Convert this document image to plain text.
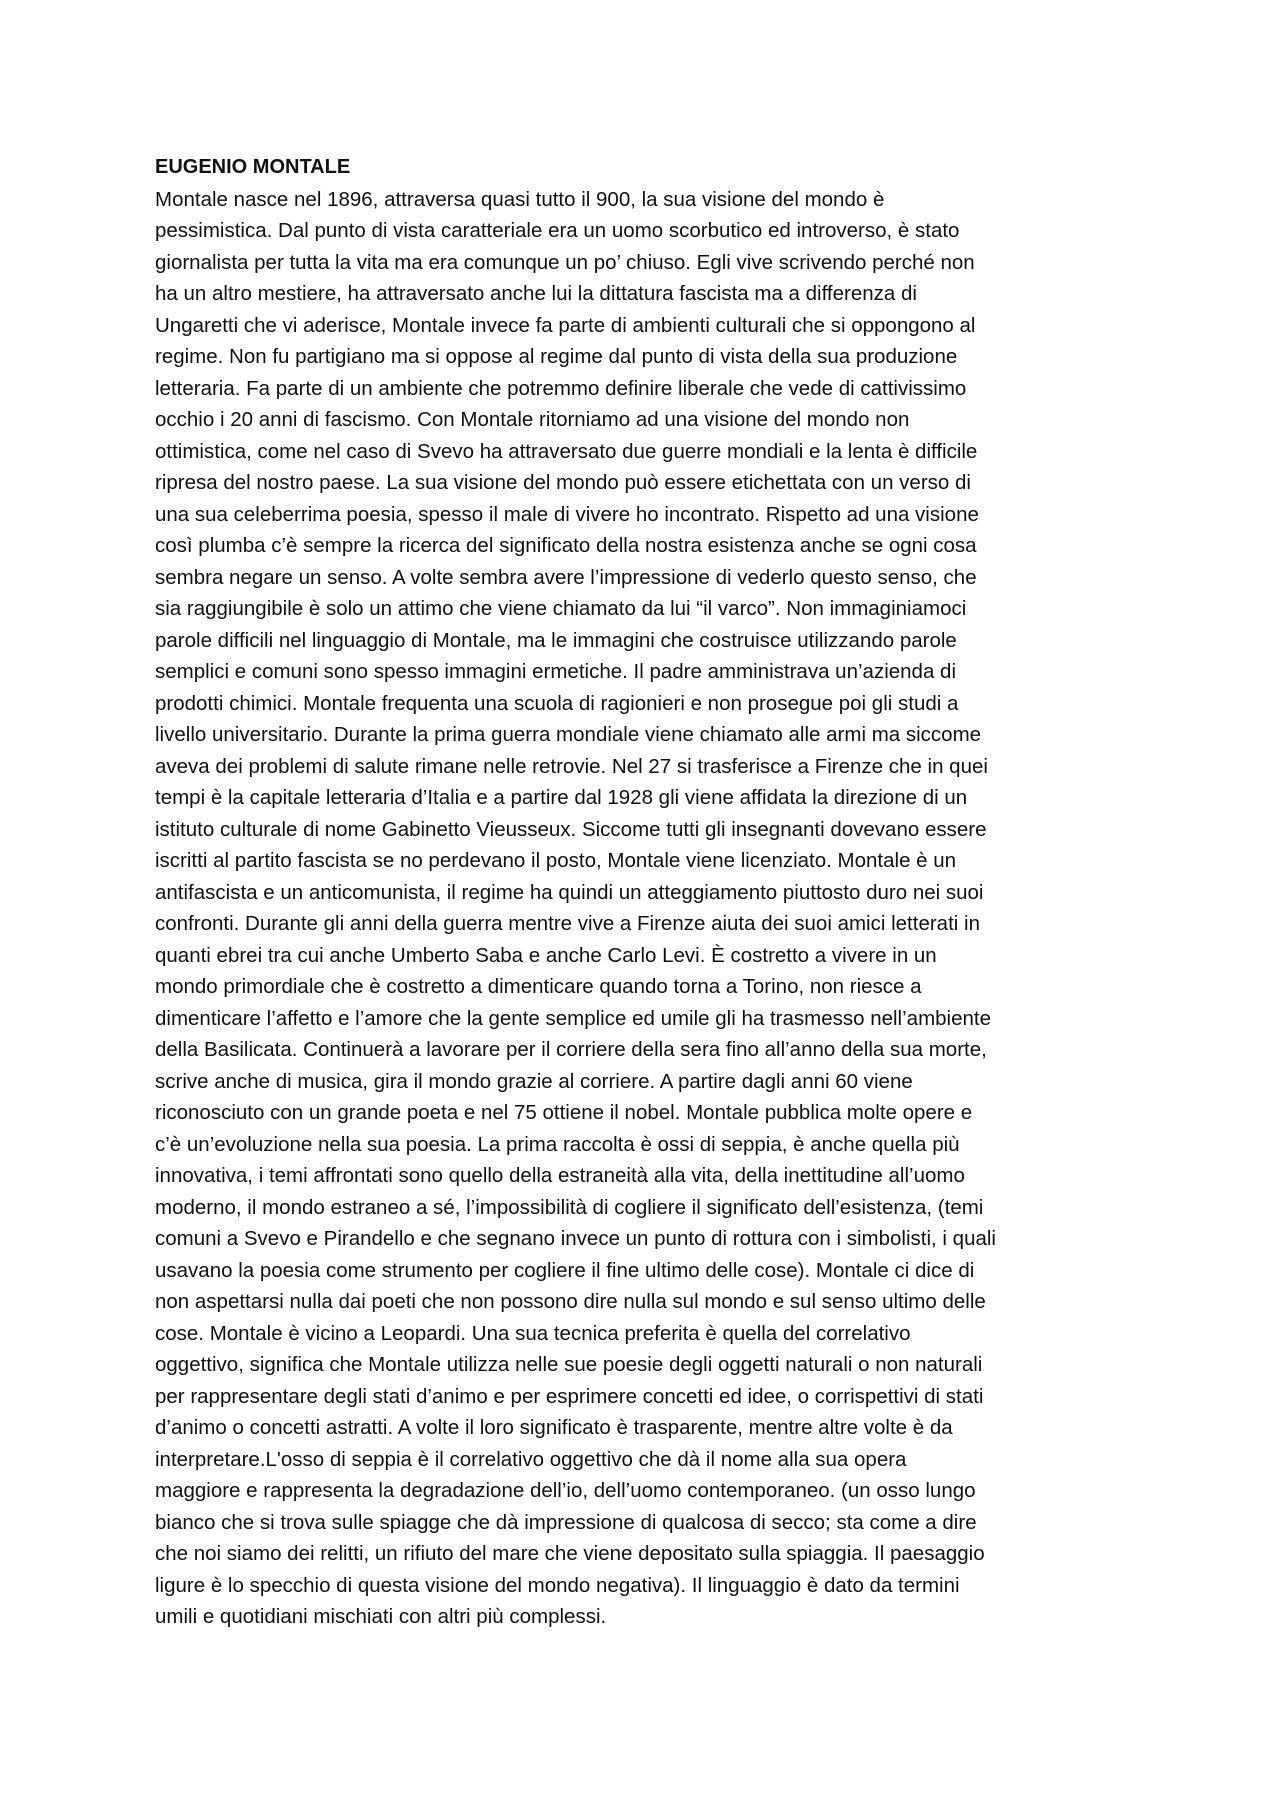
EUGENIO MONTALE

Montale nasce nel 1896, attraversa quasi tutto il 900, la sua visione del mondo è

pessimistica. Dal punto di vista caratteriale era un uomo scorbutico ed introverso, è stato

giornalista per tutta la vita ma era comunque un po’ chiuso. Egli vive scrivendo perché non

ha un altro mestiere, ha attraversato anche lui la dittatura fascista ma a differenza di

Ungaretti che vi aderisce, Montale invece fa parte di ambienti culturali che si oppongono al

regime. Non fu partigiano ma si oppose al regime dal punto di vista della sua produzione

letteraria. Fa parte di un ambiente che potremmo definire liberale che vede di cattivissimo

occhio i 20 anni di fascismo. Con Montale ritorniamo ad una visione del mondo non

ottimistica, come nel caso di Svevo ha attraversato due guerre mondiali e la lenta è difficile

ripresa del nostro paese. La sua visione del mondo può essere etichettata con un verso di

una sua celeberrima poesia, spesso il male di vivere ho incontrato. Rispetto ad una visione

così plumba c’è sempre la ricerca del significato della nostra esistenza anche se ogni cosa

sembra negare un senso. A volte sembra avere l’impressione di vederlo questo senso, che

sia raggiungibile è solo un attimo che viene chiamato da lui “il varco”. Non immaginiamoci

parole difficili nel linguaggio di Montale, ma le immagini che costruisce utilizzando parole

semplici e comuni sono spesso immagini ermetiche. Il padre amministrava un’azienda di

prodotti chimici. Montale frequenta una scuola di ragionieri e non prosegue poi gli studi a

livello universitario. Durante la prima guerra mondiale viene chiamato alle armi ma siccome

aveva dei problemi di salute rimane nelle retrovie. Nel 27 si trasferisce a Firenze che in quei

tempi è la capitale letteraria d’Italia e a partire dal 1928 gli viene affidata la direzione di un

istituto culturale di nome Gabinetto Vieusseux. Siccome tutti gli insegnanti dovevano essere

iscritti al partito fascista se no perdevano il posto, Montale viene licenziato. Montale è un

antifascista e un anticomunista, il regime ha quindi un atteggiamento piuttosto duro nei suoi

confronti. Durante gli anni della guerra mentre vive a Firenze aiuta dei suoi amici letterati in

quanti ebrei tra cui anche Umberto Saba e anche Carlo Levi. È costretto a vivere in un

mondo primordiale che è costretto a dimenticare quando torna a Torino, non riesce a

dimenticare l’affetto e l’amore che la gente semplice ed umile gli ha trasmesso nell’ambiente

della Basilicata. Continuerà a lavorare per il corriere della sera fino all’anno della sua morte,

scrive anche di musica, gira il mondo grazie al corriere. A partire dagli anni 60 viene

riconosciuto con un grande poeta e nel 75 ottiene il nobel. Montale pubblica molte opere e

c’è un’evoluzione nella sua poesia. La prima raccolta è ossi di seppia, è anche quella più

innovativa, i temi affrontati sono quello della estraneità alla vita, della inettitudine all’uomo

moderno, il mondo estraneo a sé, l’impossibilità di cogliere il significato dell’esistenza, (temi

comuni a Svevo e Pirandello e che segnano invece un punto di rottura con i simbolisti, i quali

usavano la poesia come strumento per cogliere il fine ultimo delle cose). Montale ci dice di

non aspettarsi nulla dai poeti che non possono dire nulla sul mondo e sul senso ultimo delle

cose. Montale è vicino a Leopardi. Una sua tecnica preferita è quella del correlativo

oggettivo, significa che Montale utilizza nelle sue poesie degli oggetti naturali o non naturali

per rappresentare degli stati d’animo e per esprimere concetti ed idee, o corrispettivi di stati

d’animo o concetti astratti. A volte il loro significato è trasparente, mentre altre volte è da

interpretare.L'osso di seppia è il correlativo oggettivo che dà il nome alla sua opera

maggiore e rappresenta la degradazione dell’io, dell’uomo contemporaneo. (un osso lungo

bianco che si trova sulle spiagge che dà impressione di qualcosa di secco; sta come a dire

che noi siamo dei relitti, un rifiuto del mare che viene depositato sulla spiaggia. Il paesaggio

ligure è lo specchio di questa visione del mondo negativa). Il linguaggio è dato da termini

umili e quotidiani mischiati con altri più complessi.
